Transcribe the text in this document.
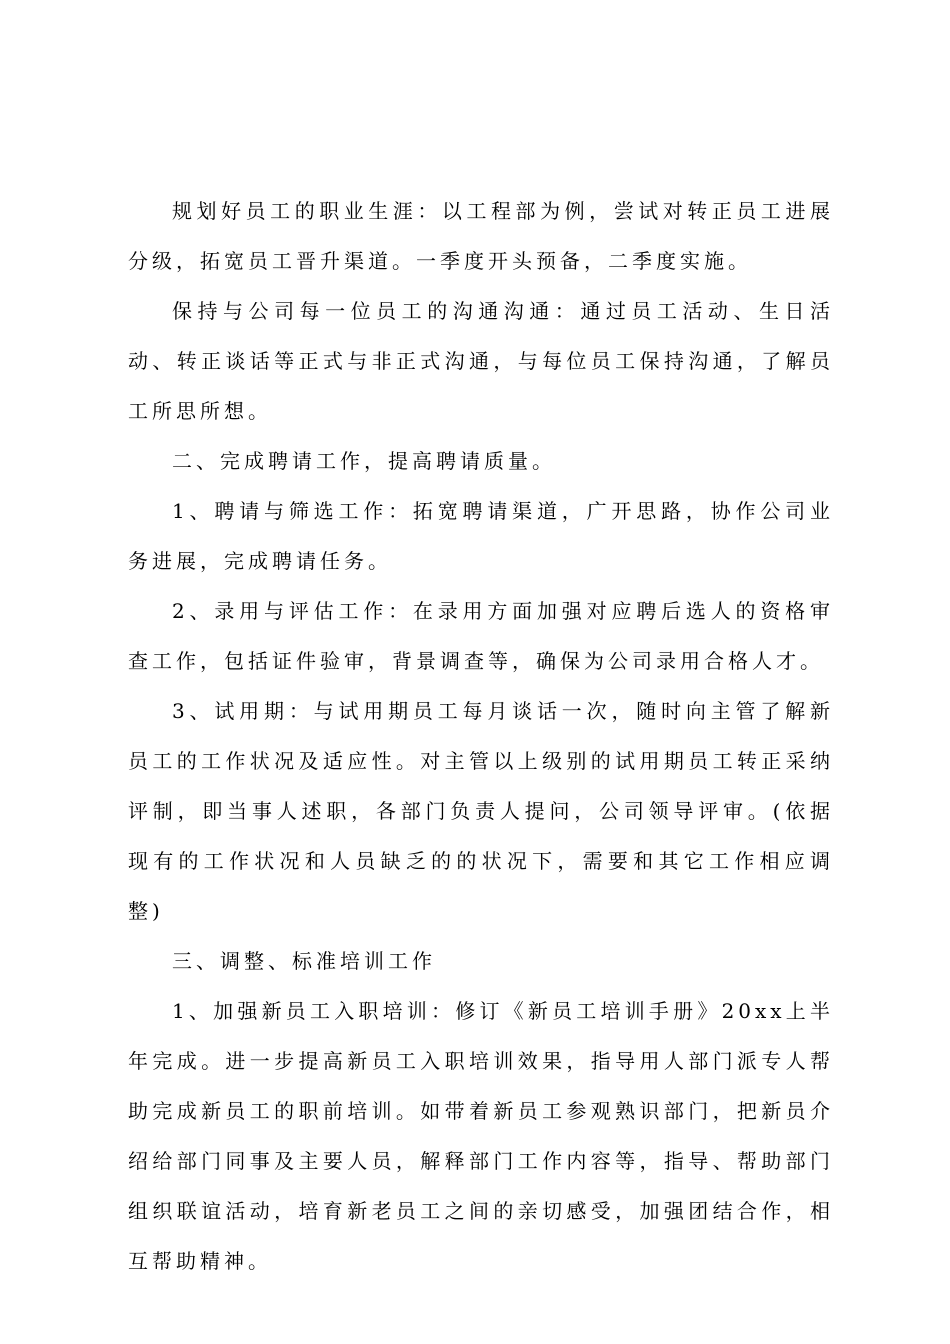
规划好员工的职业生涯：以工程部为例，尝试对转正员工进展分级，拓宽员工晋升渠道。一季度开头预备，二季度实施。

保持与公司每一位员工的沟通沟通：通过员工活动、生日活动、转正谈话等正式与非正式沟通，与每位员工保持沟通，了解员工所思所想。

二、完成聘请工作，提高聘请质量。

1、聘请与筛选工作：拓宽聘请渠道，广开思路，协作公司业务进展，完成聘请任务。

2、录用与评估工作：在录用方面加强对应聘后选人的资格审查工作，包括证件验审，背景调查等，确保为公司录用合格人才。

3、试用期：与试用期员工每月谈话一次，随时向主管了解新员工的工作状况及适应性。对主管以上级别的试用期员工转正采纳评制，即当事人述职，各部门负责人提问，公司领导评审。(依据现有的工作状况和人员缺乏的的状况下，需要和其它工作相应调整)

三、调整、标准培训工作

1、加强新员工入职培训：修订《新员工培训手册》20xx上半年完成。进一步提高新员工入职培训效果，指导用人部门派专人帮助完成新员工的职前培训。如带着新员工参观熟识部门，把新员介绍给部门同事及主要人员，解释部门工作内容等，指导、帮助部门组织联谊活动，培育新老员工之间的亲切感受，加强团结合作，相互帮助精神。
